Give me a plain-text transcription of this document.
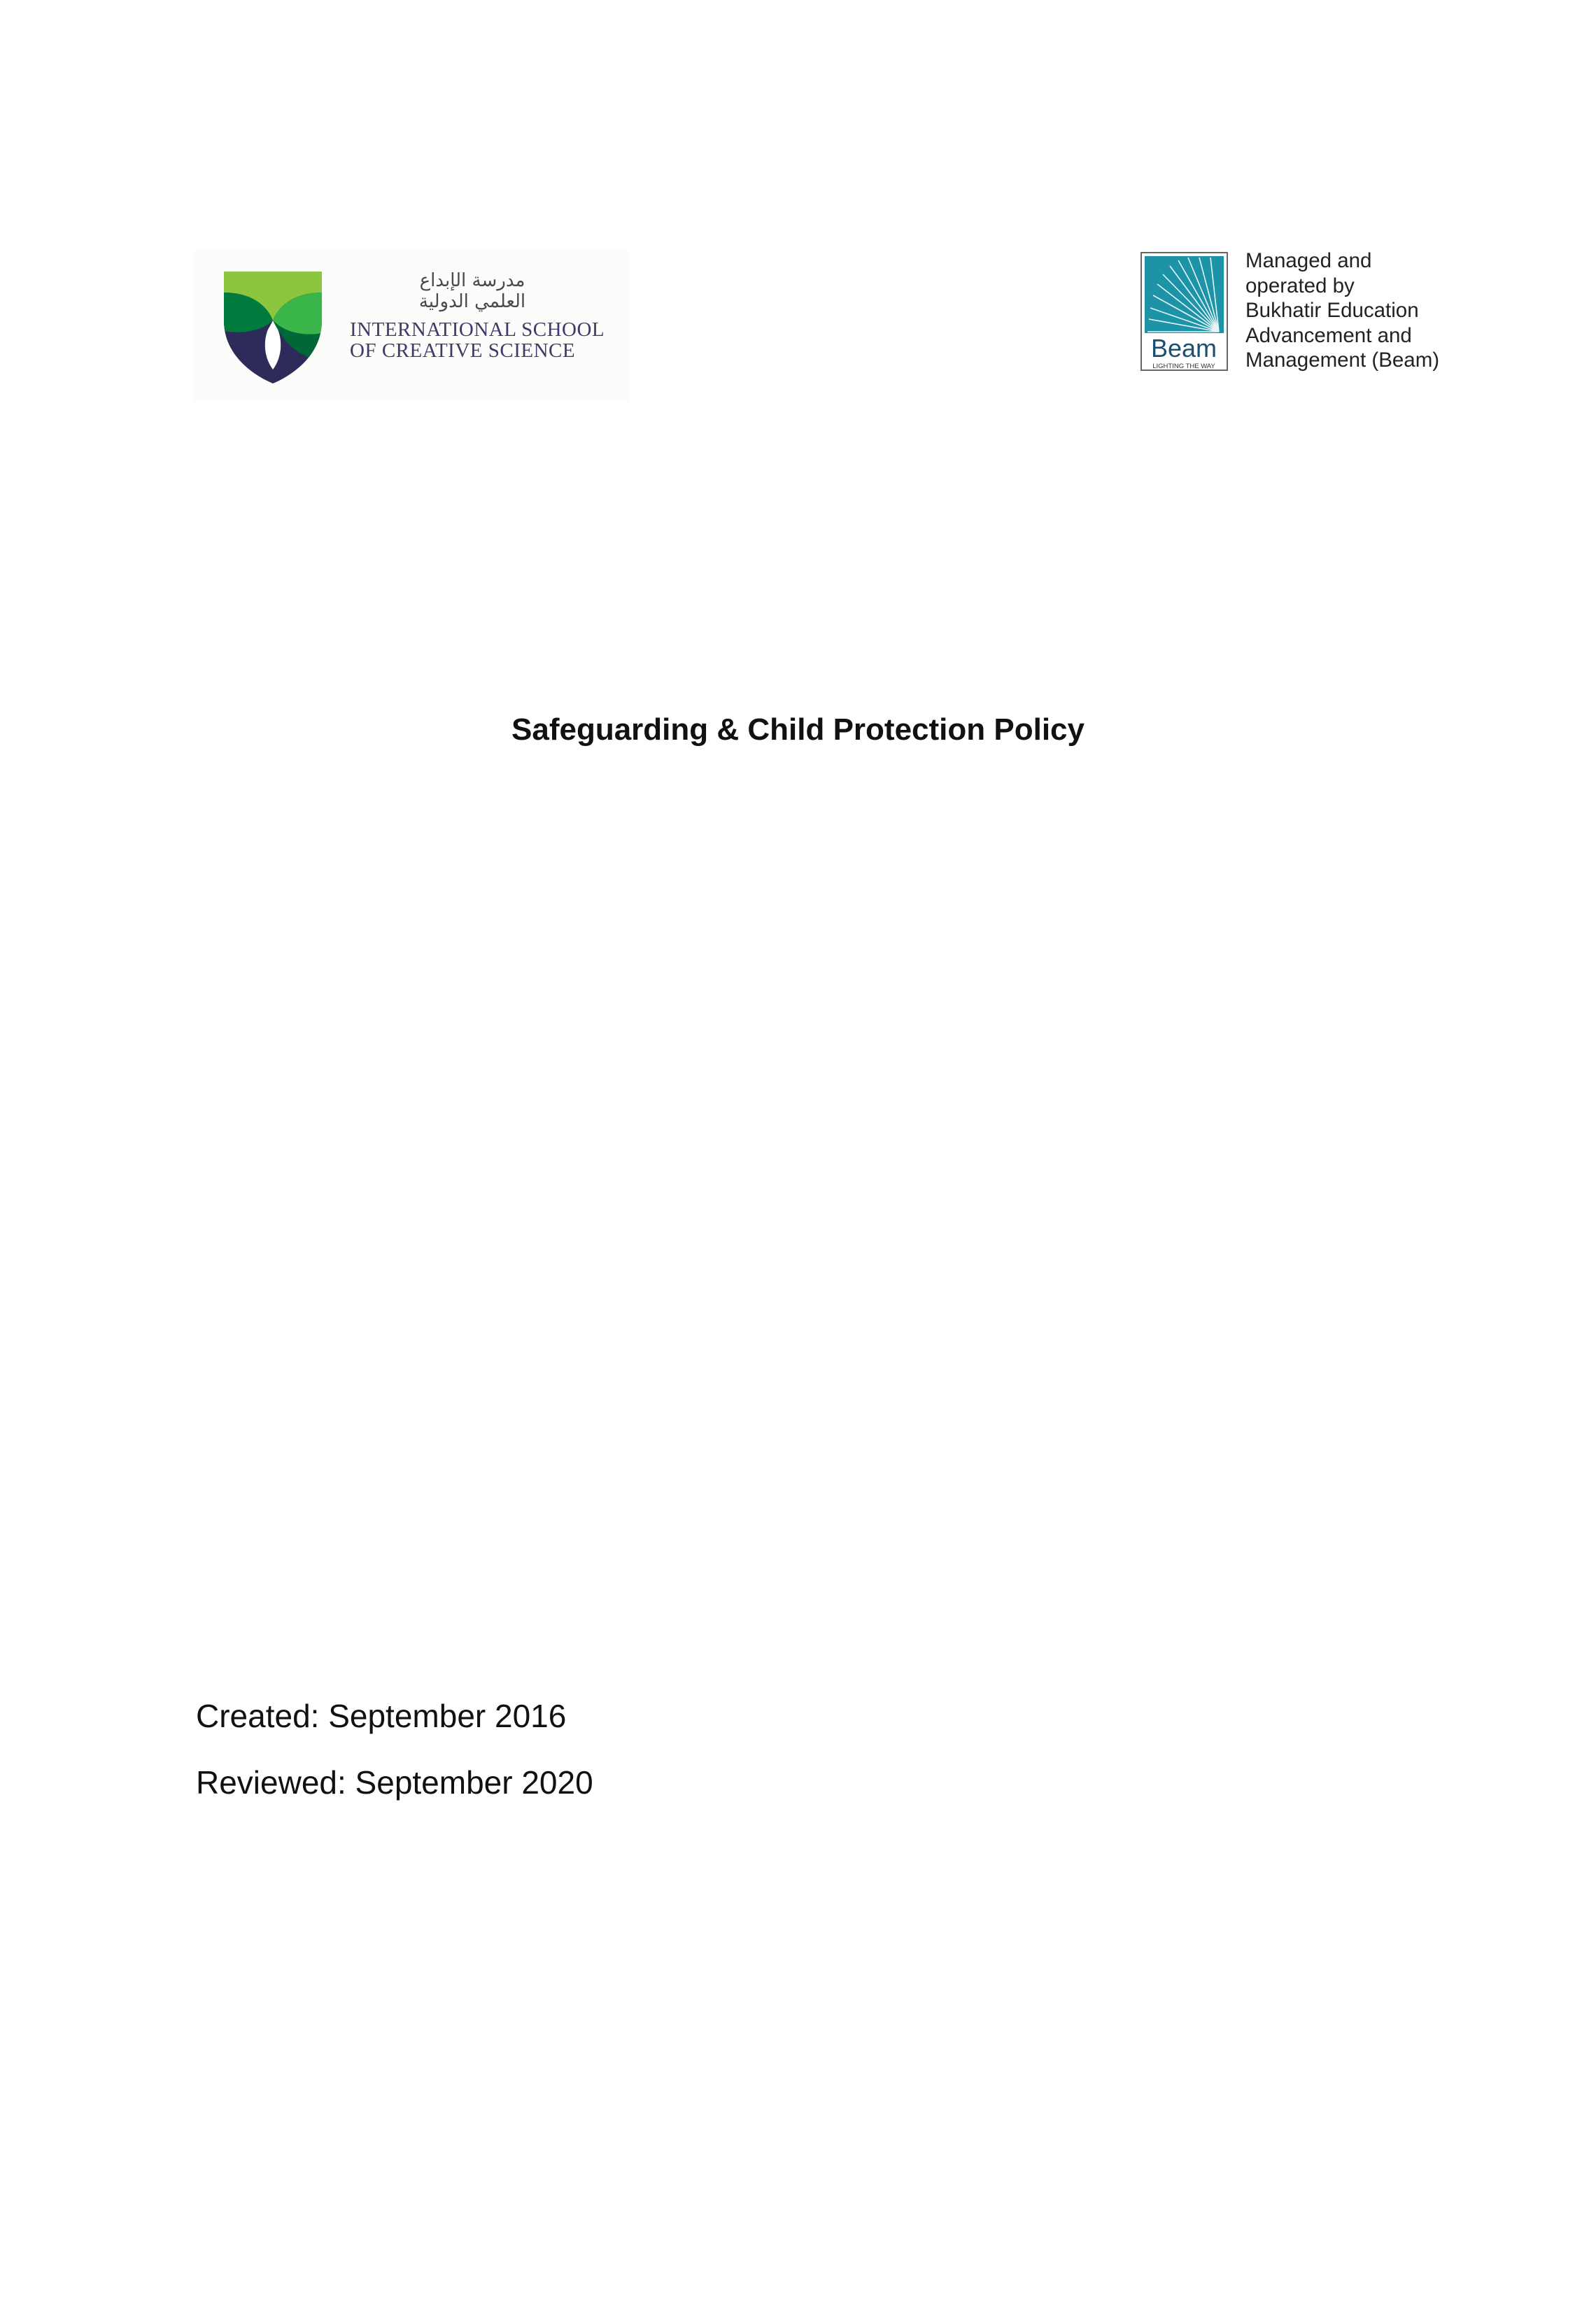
مدرسة الإبداع
العلمي الدولية
INTERNATIONAL SCHOOL
OF CREATIVE SCIENCE	Beam
LIGHTING THE WAY
Managed and
operated by
Bukhatir Education
Advancement and
Management (Beam)
Safeguarding & Child Protection Policy
Created: September 2016
Reviewed: September 2020
